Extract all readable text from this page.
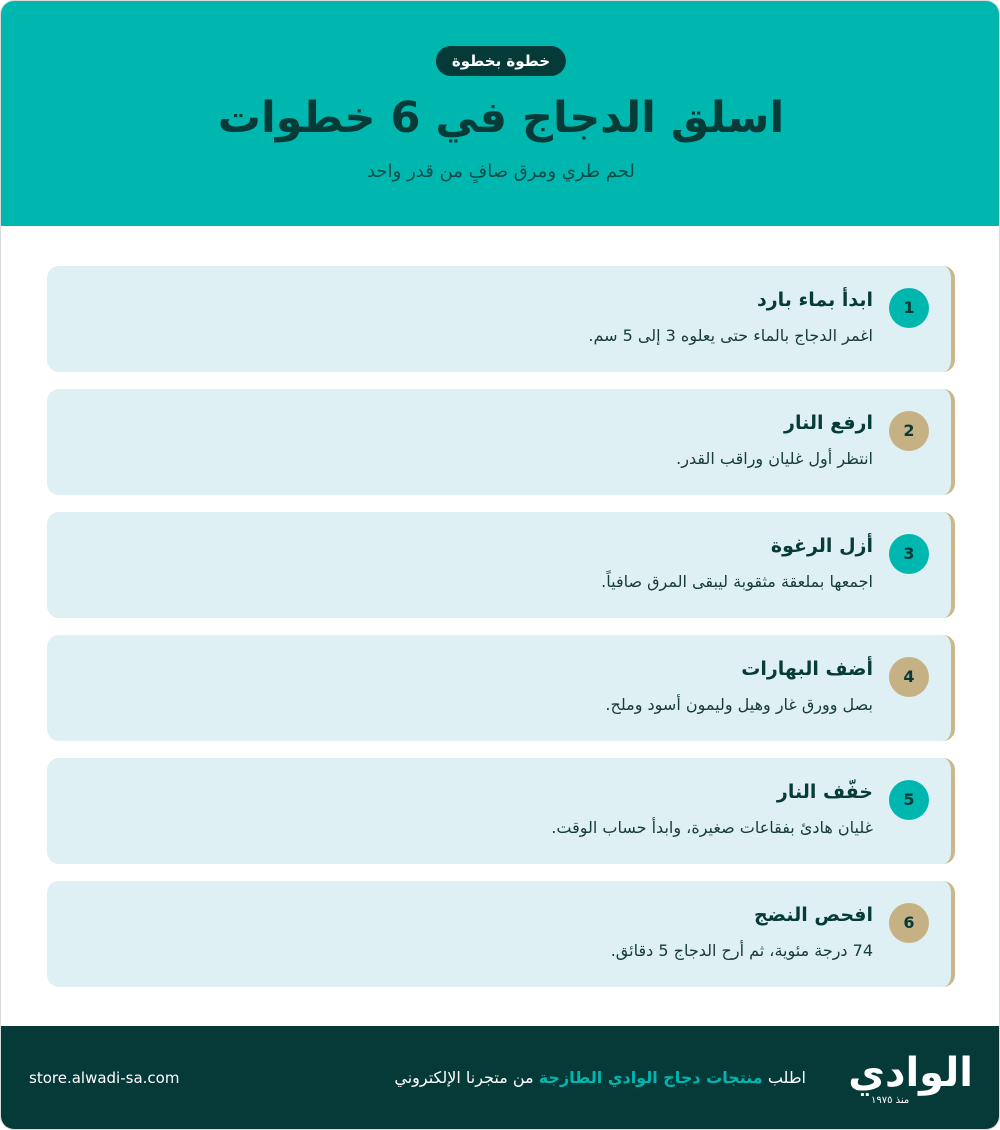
خطوة بخطوة
اسلق الدجاج في 6 خطوات
لحم طري ومرق صافٍ من قدر واحد
1
ابدأ بماء بارد
اغمر الدجاج بالماء حتى يعلوه 3 إلى 5 سم.
2
ارفع النار
انتظر أول غليان وراقب القدر.
3
أزل الرغوة
اجمعها بملعقة مثقوبة ليبقى المرق صافياً.
4
أضف البهارات
بصل وورق غار وهيل وليمون أسود وملح.
5
خفّف النار
غليان هادئ بفقاعات صغيرة، وابدأ حساب الوقت.
6
افحص النضج
74 درجة مئوية، ثم أرح الدجاج 5 دقائق.
الوادي
منذ ١٩٧٥
اطلب منتجات دجاج الوادي الطازجة من متجرنا الإلكتروني
store.alwadi-sa.com
